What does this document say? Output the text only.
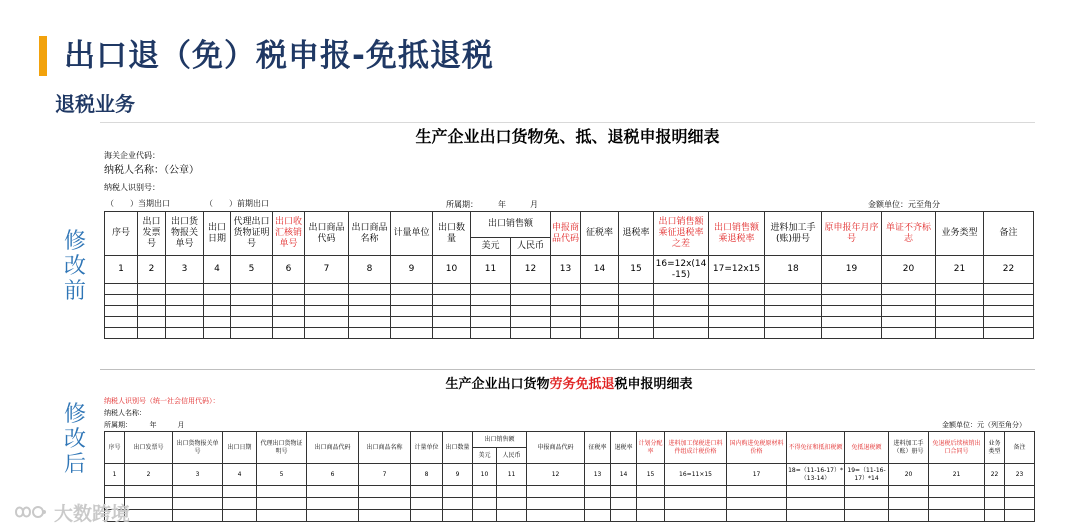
出口退（免）税申报-免抵退税
退税业务
修
改
前
修
改
后
生产企业出口货物免、抵、退税申报明细表
海关企业代码：
纳税人名称：（公章）
纳税人识别号：
（　　）当期出口	（　　）前期出口	所属期：　　　年　　　月	金额单位：元至角分
序号	出口发票号	出口货物报关单号	出口日期	代理出口货物证明号	出口收汇核销单号	出口商品代码	出口商品名称	计量单位	出口数量	出口销售额		申报商品代码	征税率	退税率	出口销售额乘征退税率之差	出口销售额乘退税率	进料加工手(账)册号	原申报年月序号	单证不齐标志	业务类型	备注
										美元	人民币										
1	2	3	4	5	6	7	8	9	10	11	12	13	14	15	16=12x(14-15)	17=12x15	18	19	20	21	22

生产企业出口货物劳务免抵退税申报明细表
纳税人识别号（统一社会信用代码）：
纳税人名称：
所属期：　　　年　　　月	金额单位：元（列至角分）
序号	出口发票号	出口货物报关单号	出口日期	代理出口货物证明号	出口商品代码	出口商品名称	计量单位	出口数量	出口销售额		申报商品代码	征税率	退税率	计划分配率	进料加工保税进口料件组成计税价格	国内购进免税原材料价格	不得免征和抵扣税额	免抵退税额	进料加工手（账）册号	免退税后续核销出口合同号	业务类型	备注
									美元	人民币												
1	2	3	4	5	6	7	8	9	10	11	12	13	14	15	16=11×15	17	18=（11-16-17）*（13-14）	19=（11-16-17）*14	20	21	22	23

大数跨境
